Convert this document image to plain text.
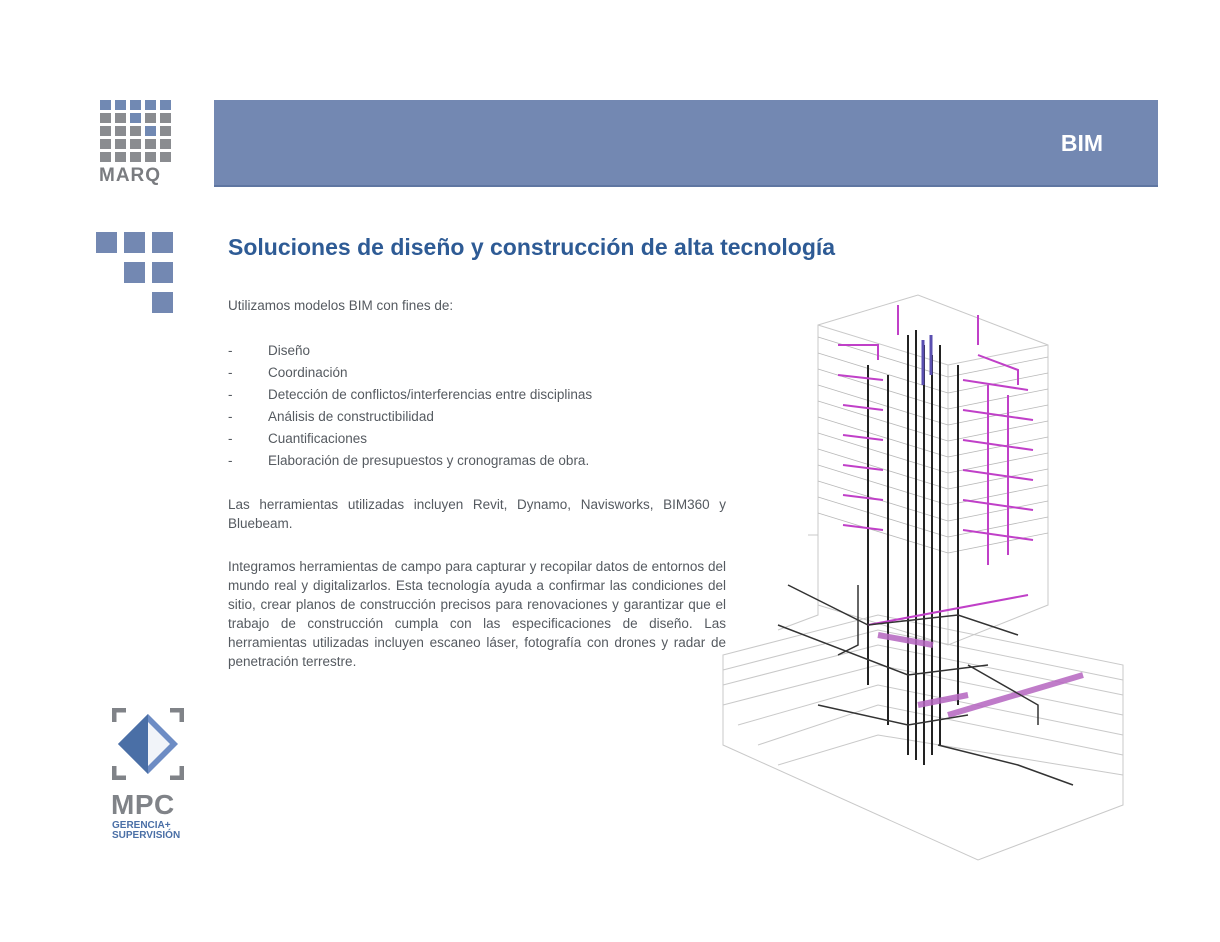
MARQ
BIM
Soluciones de diseño y construcción de alta tecnología
Utilizamos modelos BIM con fines de:
-	Diseño
-	Coordinación
-	Detección de conflictos/interferencias entre disciplinas
-	Análisis de constructibilidad
-	Cuantificaciones
-	Elaboración de presupuestos y cronogramas de obra.
Las herramientas utilizadas incluyen Revit, Dynamo, Navisworks, BIM360 y Bluebeam.
Integramos herramientas de campo para capturar y recopilar datos de entornos del mundo real y digitalizarlos. Esta tecnología ayuda a confirmar las condiciones del sitio, crear planos de construcción precisos para renovaciones y garantizar que el trabajo de construcción cumpla con las especificaciones de diseño. Las herramientas utilizadas incluyen escaneo láser, fotografía con drones y radar de penetración terrestre.
MPC
GERENCIA+
SUPERVISIÓN
